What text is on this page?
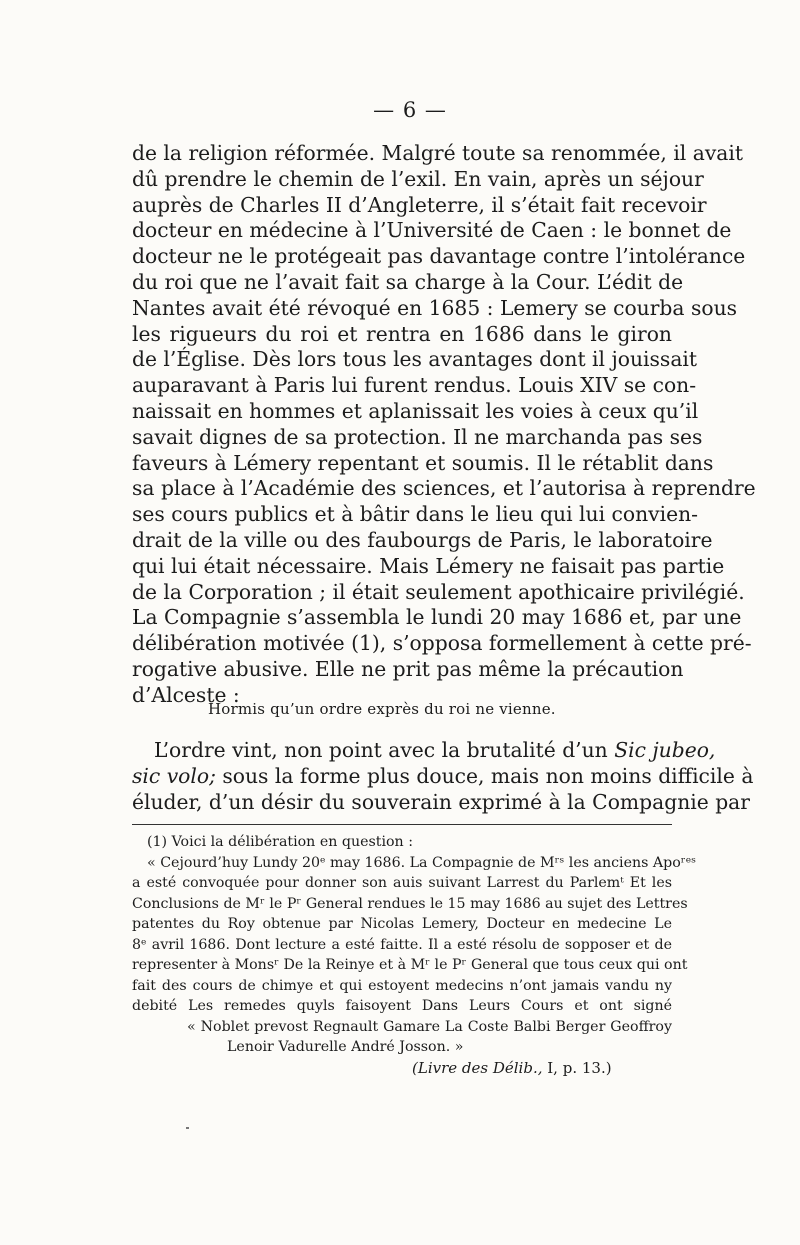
— 6 —
de la religion réformée. Malgré toute sa renommée, il avait
dû prendre le chemin de l’exil. En vain, après un séjour
auprès de Charles II d’Angleterre, il s’était fait recevoir
docteur en médecine à l’Université de Caen : le bonnet de
docteur ne le protégeait pas davantage contre l’intolérance
du roi que ne l’avait fait sa charge à la Cour. L’édit de
Nantes avait été révoqué en 1685 : Lemery se courba sous
les rigueurs du roi et rentra en 1686 dans le giron
de l’Église. Dès lors tous les avantages dont il jouissait
auparavant à Paris lui furent rendus. Louis XIV se con-
naissait en hommes et aplanissait les voies à ceux qu’il
savait dignes de sa protection. Il ne marchanda pas ses
faveurs à Lémery repentant et soumis. Il le rétablit dans
sa place à l’Académie des sciences, et l’autorisa à reprendre
ses cours publics et à bâtir dans le lieu qui lui convien-
drait de la ville ou des faubourgs de Paris, le laboratoire
qui lui était nécessaire. Mais Lémery ne faisait pas partie
de la Corporation ; il était seulement apothicaire privilégié.
La Compagnie s’assembla le lundi 20 may 1686 et, par une
délibération motivée (1), s’opposa formellement à cette pré-
rogative abusive. Elle ne prit pas même la précaution
d’Alceste :
Hormis qu’un ordre exprès du roi ne vienne.
L’ordre vint, non point avec la brutalité d’un Sic jubeo,
sic volo; sous la forme plus douce, mais non moins difficile à
éluder, d’un désir du souverain exprimé à la Compagnie par
(1) Voici la délibération en question :
« Cejourd’huy Lundy 20ᵉ may 1686. La Compagnie de Mʳˢ les anciens Apoʳᵉˢ
a esté convoquée pour donner son auis suivant Larrest du Parlemᵗ Et les
Conclusions de Mʳ le Pʳ General rendues le 15 may 1686 au sujet des Lettres
patentes du Roy obtenue par Nicolas Lemery, Docteur en medecine Le
8ᵉ avril 1686. Dont lecture a esté faitte. Il a esté résolu de sopposer et de
representer à Monsʳ De la Reinye et à Mʳ le Pʳ General que tous ceux qui ont
fait des cours de chimye et qui estoyent medecins n’ont jamais vandu ny
debité Les remedes quyls faisoyent Dans Leurs Cours et ont signé
« Noblet prevost Regnault Gamare La Coste Balbi Berger Geoffroy
Lenoir Vadurelle André Josson. »
(Livre des Délib., I, p. 13.)
